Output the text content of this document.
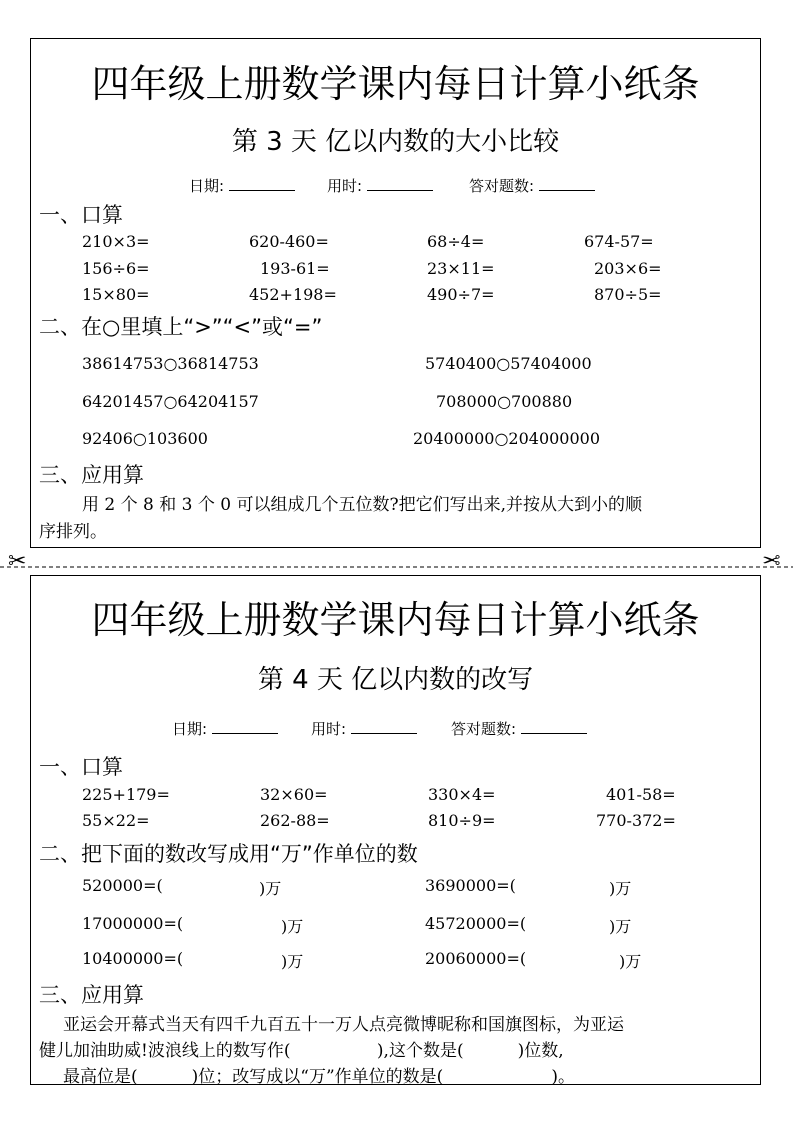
四年级上册数学课内每日计算小纸条
第 3 天 亿以内数的大小比较
日期:	用时:	答对题数:
一、口算
210×3=	620-460=	68÷4=	674-57=
156÷6=	193-61=	23×11=	203×6=
15×80=	452+198=	490÷7=	870÷5=
二、在○里填上“>”“<”或“=”
38614753○36814753	5740400○57404000
64201457○64204157	708000○700880
92406○103600	20400000○204000000
三、应用算
用 2 个 8 和 3 个 0 可以组成几个五位数?把它们写出来,并按从大到小的顺
序排列。
✂	✂
四年级上册数学课内每日计算小纸条
第 4 天 亿以内数的改写
日期:	用时:	答对题数:
一、口算
225+179=	32×60=	330×4=	401-58=
55×22=	262-88=	810÷9=	770-372=
二、把下面的数改写成用“万”作单位的数
520000=(	)万	3690000=(	)万
17000000=(	)万	45720000=(	)万
10400000=(	)万	20060000=(	)万
三、应用算
亚运会开幕式当天有四千九百五十一万人点亮微博昵称和国旗图标，为亚运
健儿加油助威!波浪线上的数写作(                ),这个数是(          )位数,
最高位是(          )位；改写成以“万”作单位的数是(                    )。
